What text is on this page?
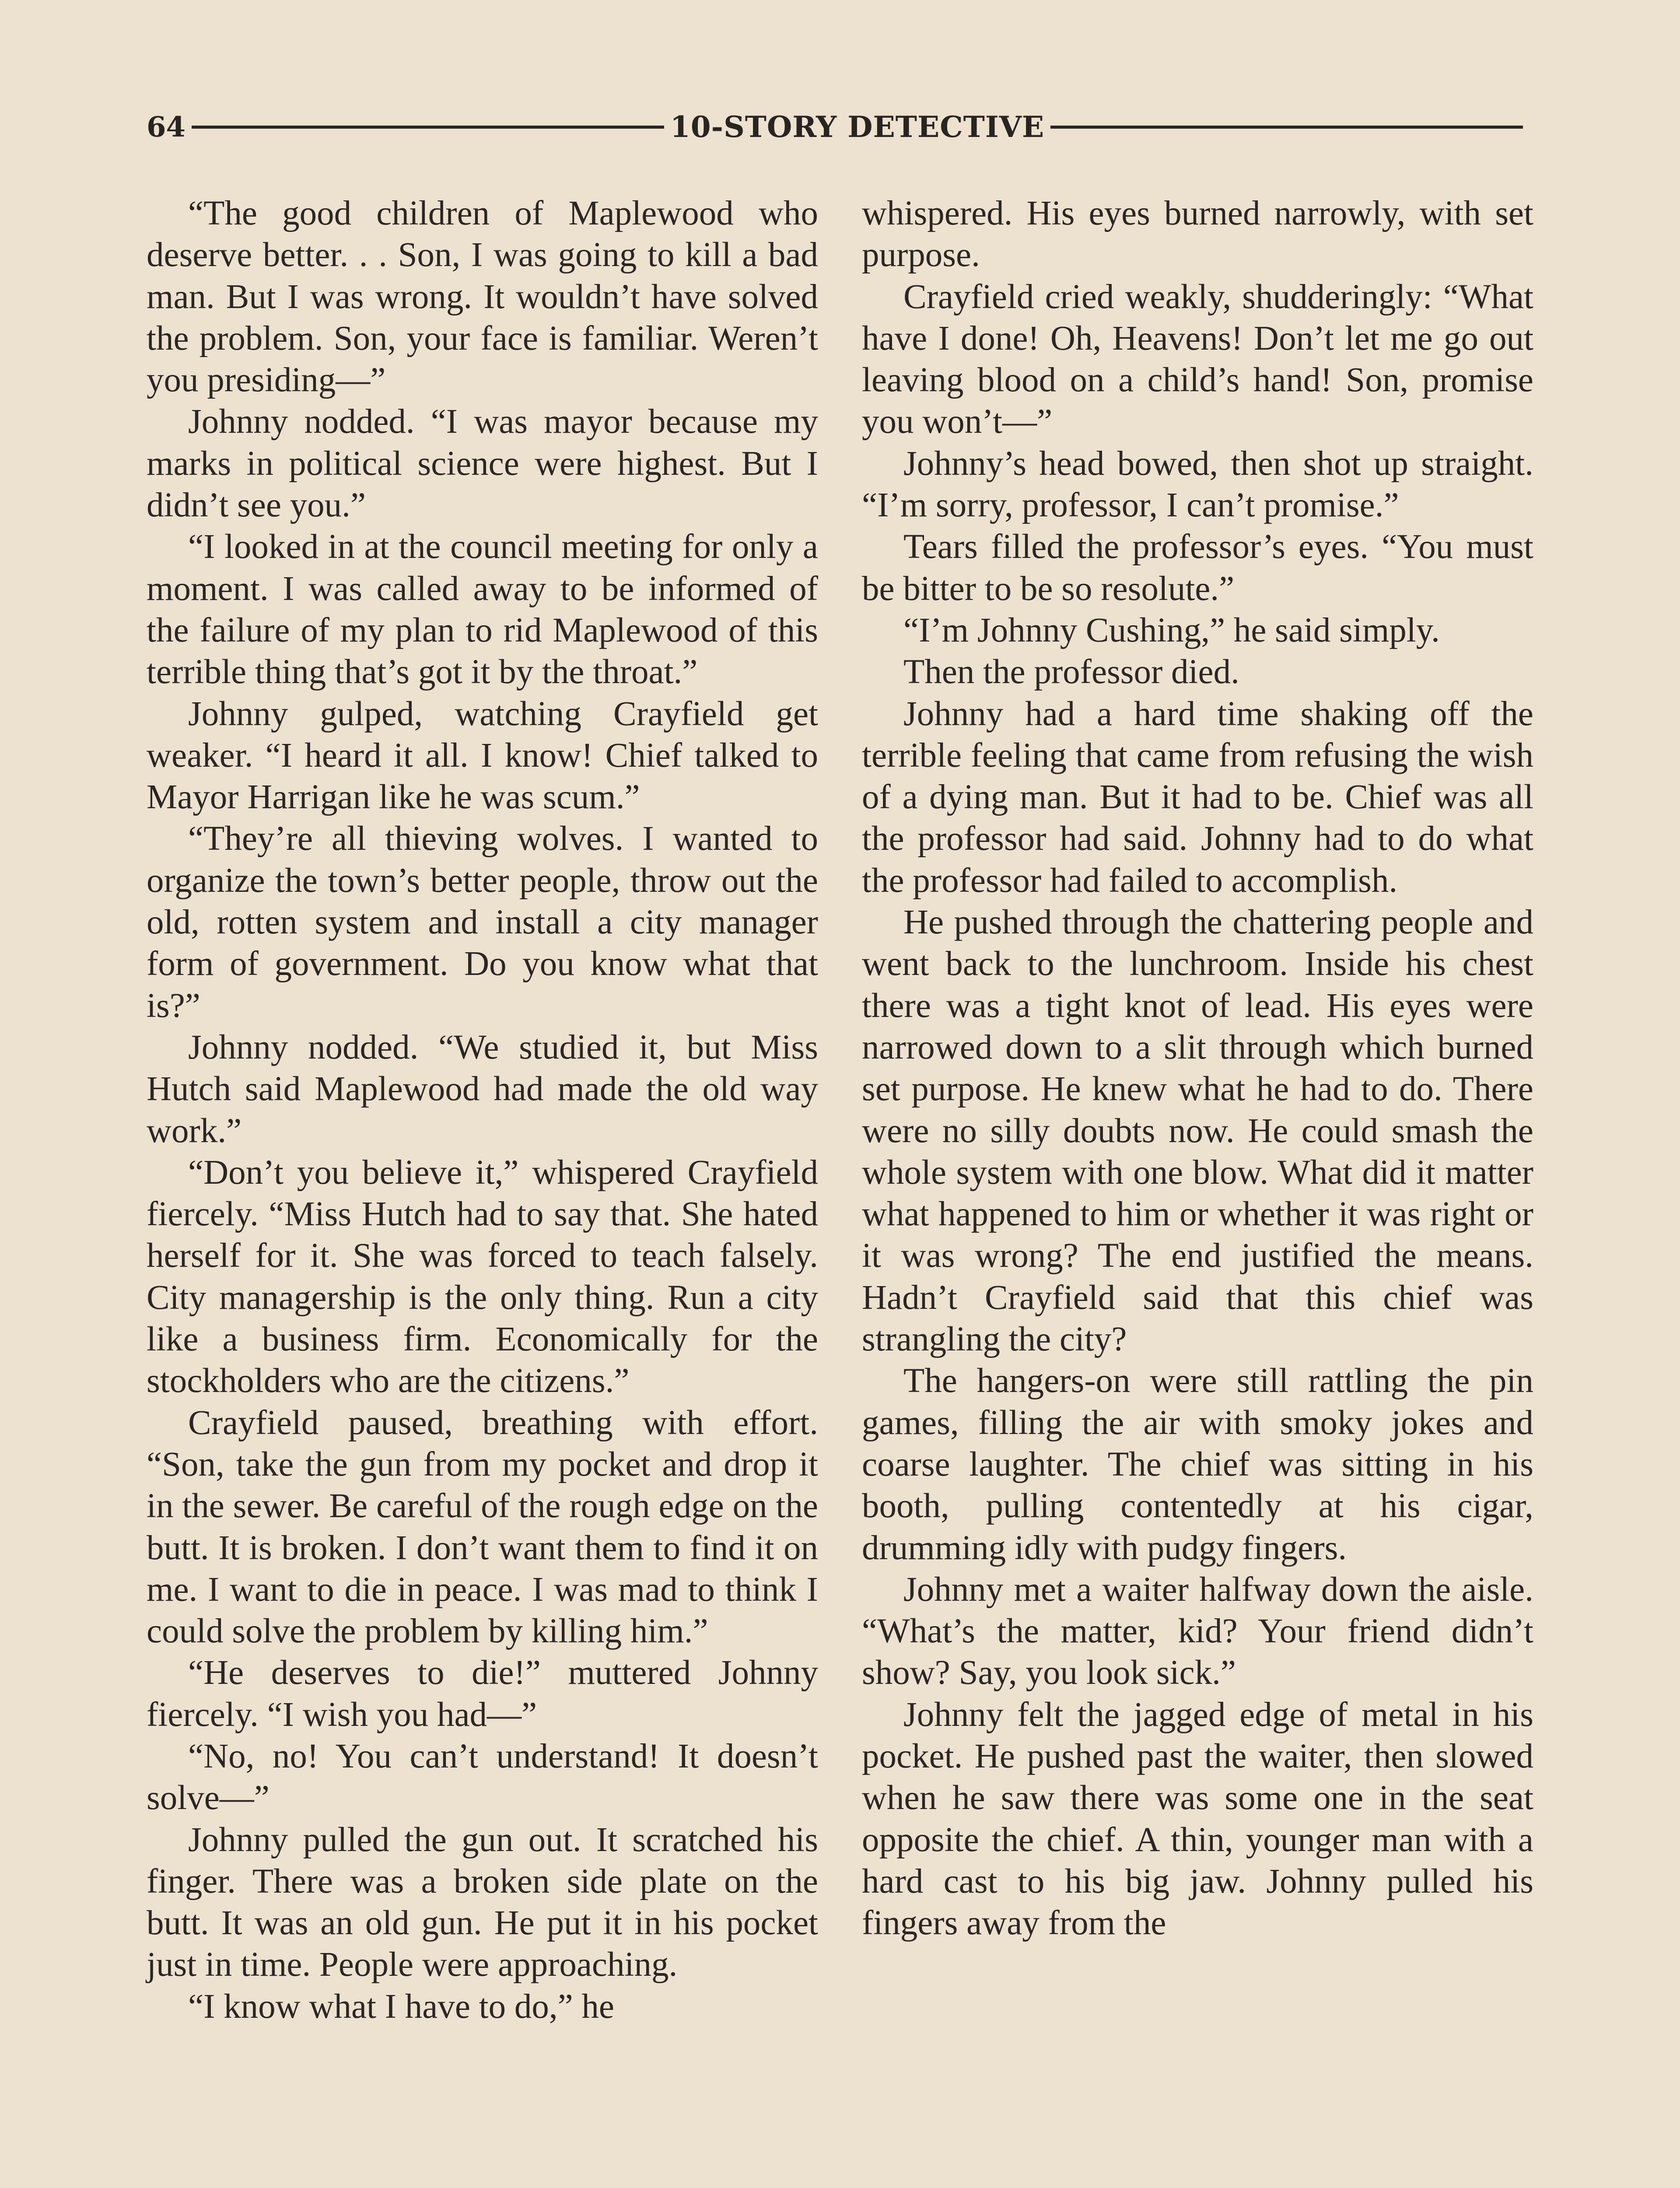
64	10-STORY DETECTIVE

“The good children of Maplewood who deserve better. . . Son, I was going to kill a bad man. But I was wrong. It wouldn’t have solved the problem. Son, your face is familiar. Weren’t you presiding—”

Johnny nodded. “I was mayor because my marks in political science were highest. But I didn’t see you.”

“I looked in at the council meeting for only a moment. I was called away to be informed of the failure of my plan to rid Maplewood of this terrible thing that’s got it by the throat.”

Johnny gulped, watching Crayfield get weaker. “I heard it all. I know! Chief talked to Mayor Harrigan like he was scum.”

“They’re all thieving wolves. I wanted to organize the town’s better people, throw out the old, rotten system and install a city manager form of government. Do you know what that is?”

Johnny nodded. “We studied it, but Miss Hutch said Maplewood had made the old way work.”

“Don’t you believe it,” whispered Crayfield fiercely. “Miss Hutch had to say that. She hated herself for it. She was forced to teach falsely. City managership is the only thing. Run a city like a business firm. Economically for the stockholders who are the citizens.”

Crayfield paused, breathing with effort. “Son, take the gun from my pocket and drop it in the sewer. Be careful of the rough edge on the butt. It is broken. I don’t want them to find it on me. I want to die in peace. I was mad to think I could solve the problem by killing him.”

“He deserves to die!” muttered Johnny fiercely. “I wish you had—”

“No, no! You can’t understand! It doesn’t solve—”

Johnny pulled the gun out. It scratched his finger. There was a broken side plate on the butt. It was an old gun. He put it in his pocket just in time. People were approaching.

“I know what I have to do,” he

whispered. His eyes burned narrowly, with set purpose.

Crayfield cried weakly, shudderingly: “What have I done! Oh, Heavens! Don’t let me go out leaving blood on a child’s hand! Son, promise you won’t—”

Johnny’s head bowed, then shot up straight. “I’m sorry, professor, I can’t promise.”

Tears filled the professor’s eyes. “You must be bitter to be so resolute.”

“I’m Johnny Cushing,” he said simply.

Then the professor died.

Johnny had a hard time shaking off the terrible feeling that came from refusing the wish of a dying man. But it had to be. Chief was all the professor had said. Johnny had to do what the professor had failed to accomplish.

He pushed through the chattering people and went back to the lunchroom. Inside his chest there was a tight knot of lead. His eyes were narrowed down to a slit through which burned set purpose. He knew what he had to do. There were no silly doubts now. He could smash the whole system with one blow. What did it matter what happened to him or whether it was right or it was wrong? The end justified the means. Hadn’t Crayfield said that this chief was strangling the city?

The hangers-on were still rattling the pin games, filling the air with smoky jokes and coarse laughter. The chief was sitting in his booth, pulling contentedly at his cigar, drumming idly with pudgy fingers.

Johnny met a waiter halfway down the aisle. “What’s the matter, kid? Your friend didn’t show? Say, you look sick.”

Johnny felt the jagged edge of metal in his pocket. He pushed past the waiter, then slowed when he saw there was some one in the seat opposite the chief. A thin, younger man with a hard cast to his big jaw. Johnny pulled his fingers away from the
